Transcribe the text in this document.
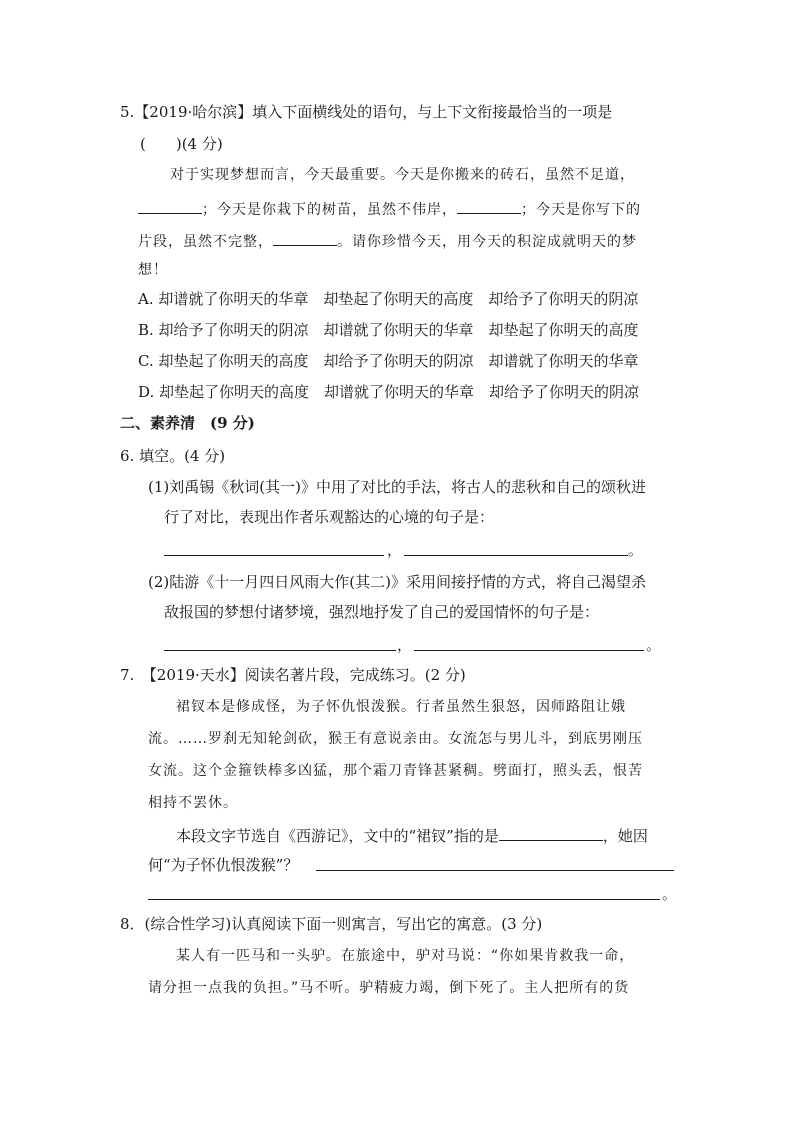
5.【2019·哈尔滨】填入下面横线处的语句，与上下文衔接最恰当的一项是
(　　)(4 分)
对于实现梦想而言，今天最重要。今天是你搬来的砖石，虽然不足道，
；今天是你栽下的树苗，虽然不伟岸，	；今天是你写下的
片段，虽然不完整，	。请你珍惜今天，用今天的积淀成就明天的梦
想！
A. 却谱就了你明天的华章　却垫起了你明天的高度　却给予了你明天的阴凉
B. 却给予了你明天的阴凉　却谱就了你明天的华章　却垫起了你明天的高度
C. 却垫起了你明天的高度　却给予了你明天的阴凉　却谱就了你明天的华章
D. 却垫起了你明天的高度　却谱就了你明天的华章　却给予了你明天的阴凉
二、素养清　(9 分)
6. 填空。(4 分)
(1)刘禹锡《秋词(其一)》中用了对比的手法，将古人的悲秋和自己的颂秋进
行了对比，表现出作者乐观豁达的心境的句子是：
，	。
(2)陆游《十一月四日风雨大作(其二)》采用间接抒情的方式，将自己渴望杀
敌报国的梦想付诸梦境，强烈地抒发了自己的爱国情怀的句子是：
，	。
7.　【2019·天水】阅读名著片段，完成练习。(2 分)
裙钗本是修成怪，为子怀仇恨泼猴。行者虽然生狠怒，因师路阻让娥
流。……罗刹无知轮剑砍，猴王有意说亲由。女流怎与男儿斗，到底男刚压
女流。这个金箍铁棒多凶猛，那个霜刀青锋甚紧稠。劈面打，照头丢，恨苦
相持不罢休。
本段文字节选自《西游记》，文中的“裙钗”指的是	，她因
何“为子怀仇恨泼猴”？
。
8．(综合性学习)认真阅读下面一则寓言，写出它的寓意。(3 分)
某人有一匹马和一头驴。在旅途中，驴对马说：“你如果肯救我一命，
请分担一点我的负担。”马不听。驴精疲力竭，倒下死了。主人把所有的货
